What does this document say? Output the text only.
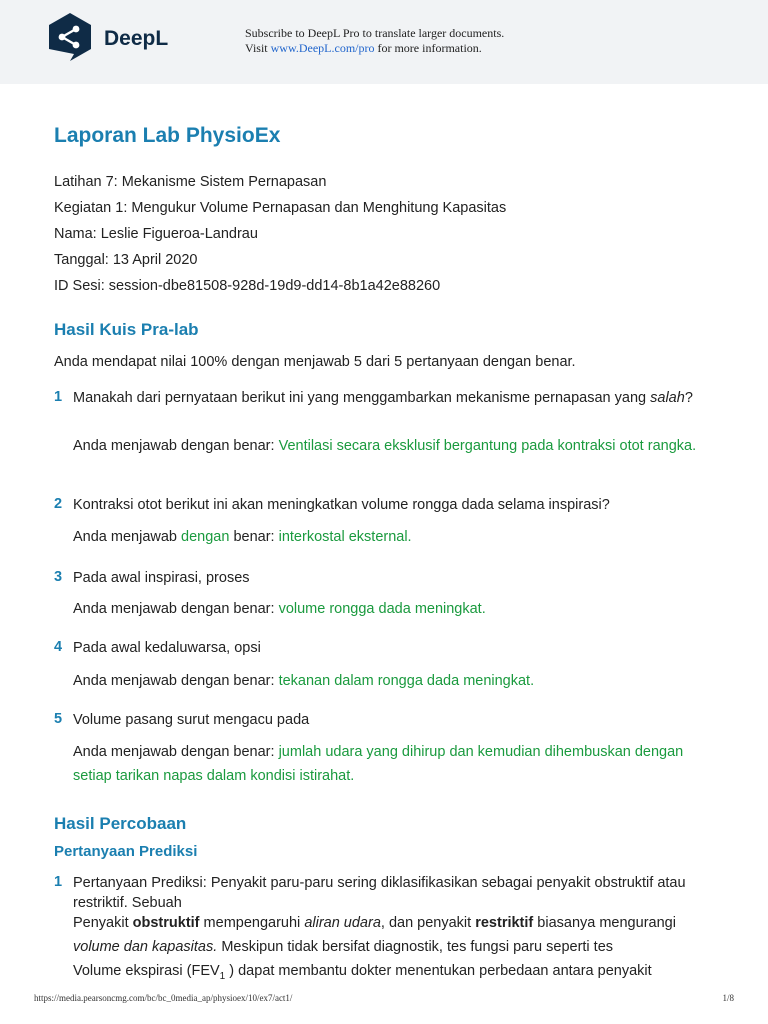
DeepL	Subscribe to DeepL Pro to translate larger documents.
Visit www.DeepL.com/pro for more information.
Laporan Lab PhysioEx
Latihan 7: Mekanisme Sistem Pernapasan
Kegiatan 1: Mengukur Volume Pernapasan dan Menghitung Kapasitas
Nama: Leslie Figueroa-Landrau
Tanggal: 13 April 2020
ID Sesi: session-dbe81508-928d-19d9-dd14-8b1a42e88260
Hasil Kuis Pra-lab
Anda mendapat nilai 100% dengan menjawab 5 dari 5 pertanyaan dengan benar.
1 Manakah dari pernyataan berikut ini yang menggambarkan mekanisme pernapasan yang salah?
Anda menjawab dengan benar: Ventilasi secara eksklusif bergantung pada kontraksi otot rangka.
2 Kontraksi otot berikut ini akan meningkatkan volume rongga dada selama inspirasi?
Anda menjawab dengan benar: interkostal eksternal.
3 Pada awal inspirasi, proses
Anda menjawab dengan benar: volume rongga dada meningkat.
4 Pada awal kedaluwarsa, opsi
Anda menjawab dengan benar: tekanan dalam rongga dada meningkat.
5 Volume pasang surut mengacu pada
Anda menjawab dengan benar: jumlah udara yang dihirup dan kemudian dihembuskan dengan setiap tarikan napas dalam kondisi istirahat.
Hasil Percobaan
Pertanyaan Prediksi
1 Pertanyaan Prediksi: Penyakit paru-paru sering diklasifikasikan sebagai penyakit obstruktif atau restriktif. Sebuah
Penyakit obstruktif mempengaruhi aliran udara, dan penyakit restriktif biasanya mengurangi
volume dan kapasitas. Meskipun tidak bersifat diagnostik, tes fungsi paru seperti tes
Volume ekspirasi ($FEV_1$ ) dapat membantu dokter menentukan perbedaan antara penyakit
https://media.pearsoncmg.com/bc/bc_0media_ap/physioex/10/ex7/act1/	1/8
